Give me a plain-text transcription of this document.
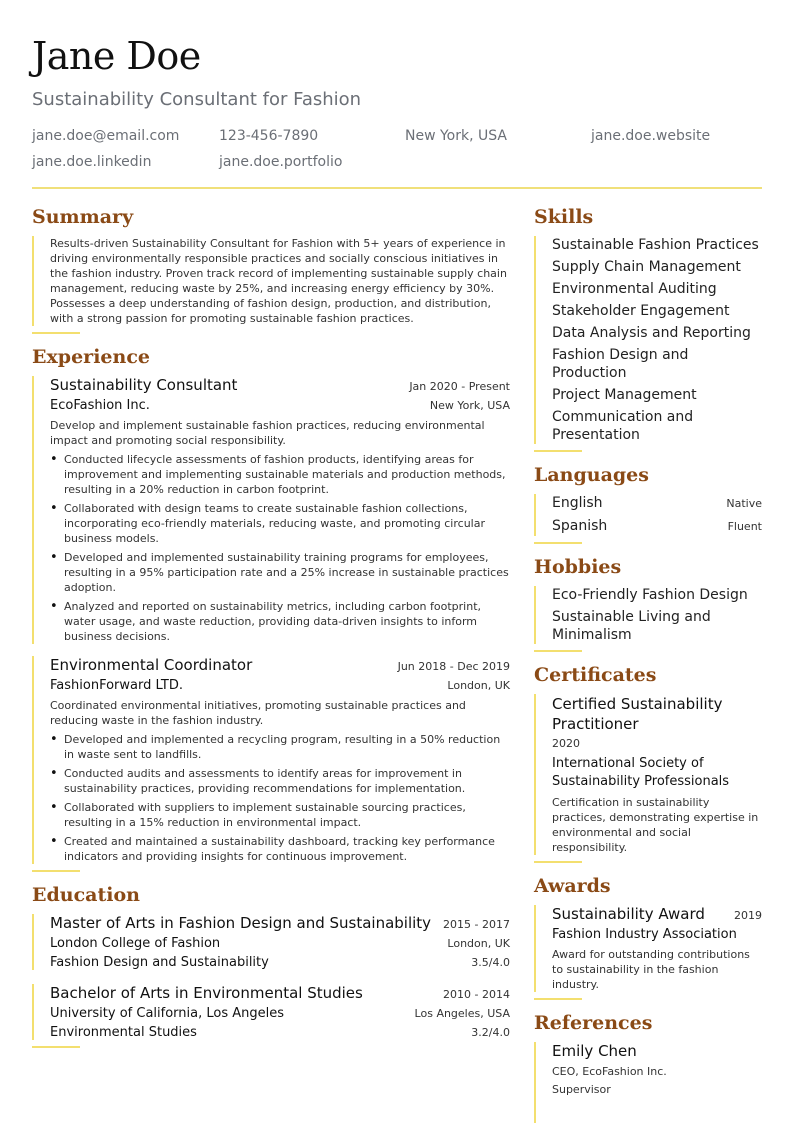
Jane Doe
Sustainability Consultant for Fashion
jane.doe@email.com	123-456-7890	New York, USA	jane.doe.website
jane.doe.linkedin	jane.doe.portfolio
Summary
Results-driven Sustainability Consultant for Fashion with 5+ years of experience in driving environmentally responsible practices and socially conscious initiatives in the fashion industry. Proven track record of implementing sustainable supply chain management, reducing waste by 25%, and increasing energy efficiency by 30%. Possesses a deep understanding of fashion design, production, and distribution, with a strong passion for promoting sustainable fashion practices.
Experience
Sustainability Consultant	Jan 2020 - Present
EcoFashion Inc.	New York, USA
Develop and implement sustainable fashion practices, reducing environmental impact and promoting social responsibility.
• Conducted lifecycle assessments of fashion products, identifying areas for improvement and implementing sustainable materials and production methods, resulting in a 20% reduction in carbon footprint.
• Collaborated with design teams to create sustainable fashion collections, incorporating eco-friendly materials, reducing waste, and promoting circular business models.
• Developed and implemented sustainability training programs for employees, resulting in a 95% participation rate and a 25% increase in sustainable practices adoption.
• Analyzed and reported on sustainability metrics, including carbon footprint, water usage, and waste reduction, providing data-driven insights to inform business decisions.
Environmental Coordinator	Jun 2018 - Dec 2019
FashionForward LTD.	London, UK
Coordinated environmental initiatives, promoting sustainable practices and reducing waste in the fashion industry.
• Developed and implemented a recycling program, resulting in a 50% reduction in waste sent to landfills.
• Conducted audits and assessments to identify areas for improvement in sustainability practices, providing recommendations for implementation.
• Collaborated with suppliers to implement sustainable sourcing practices, resulting in a 15% reduction in environmental impact.
• Created and maintained a sustainability dashboard, tracking key performance indicators and providing insights for continuous improvement.
Education
Master of Arts in Fashion Design and Sustainability 2015 - 2017
London College of Fashion	London, UK
Fashion Design and Sustainability	3.5/4.0
Bachelor of Arts in Environmental Studies	2010 - 2014
University of California, Los Angeles	Los Angeles, USA
Environmental Studies	3.2/4.0
Skills
Sustainable Fashion Practices
Supply Chain Management
Environmental Auditing
Stakeholder Engagement
Data Analysis and Reporting
Fashion Design and Production
Project Management
Communication and Presentation
Languages
English	Native
Spanish	Fluent
Hobbies
Eco-Friendly Fashion Design
Sustainable Living and Minimalism
Certificates
Certified Sustainability Practitioner
2020
International Society of Sustainability Professionals
Certification in sustainability practices, demonstrating expertise in environmental and social responsibility.
Awards
Sustainability Award	2019
Fashion Industry Association
Award for outstanding contributions to sustainability in the fashion industry.
References
Emily Chen
CEO, EcoFashion Inc.
Supervisor
